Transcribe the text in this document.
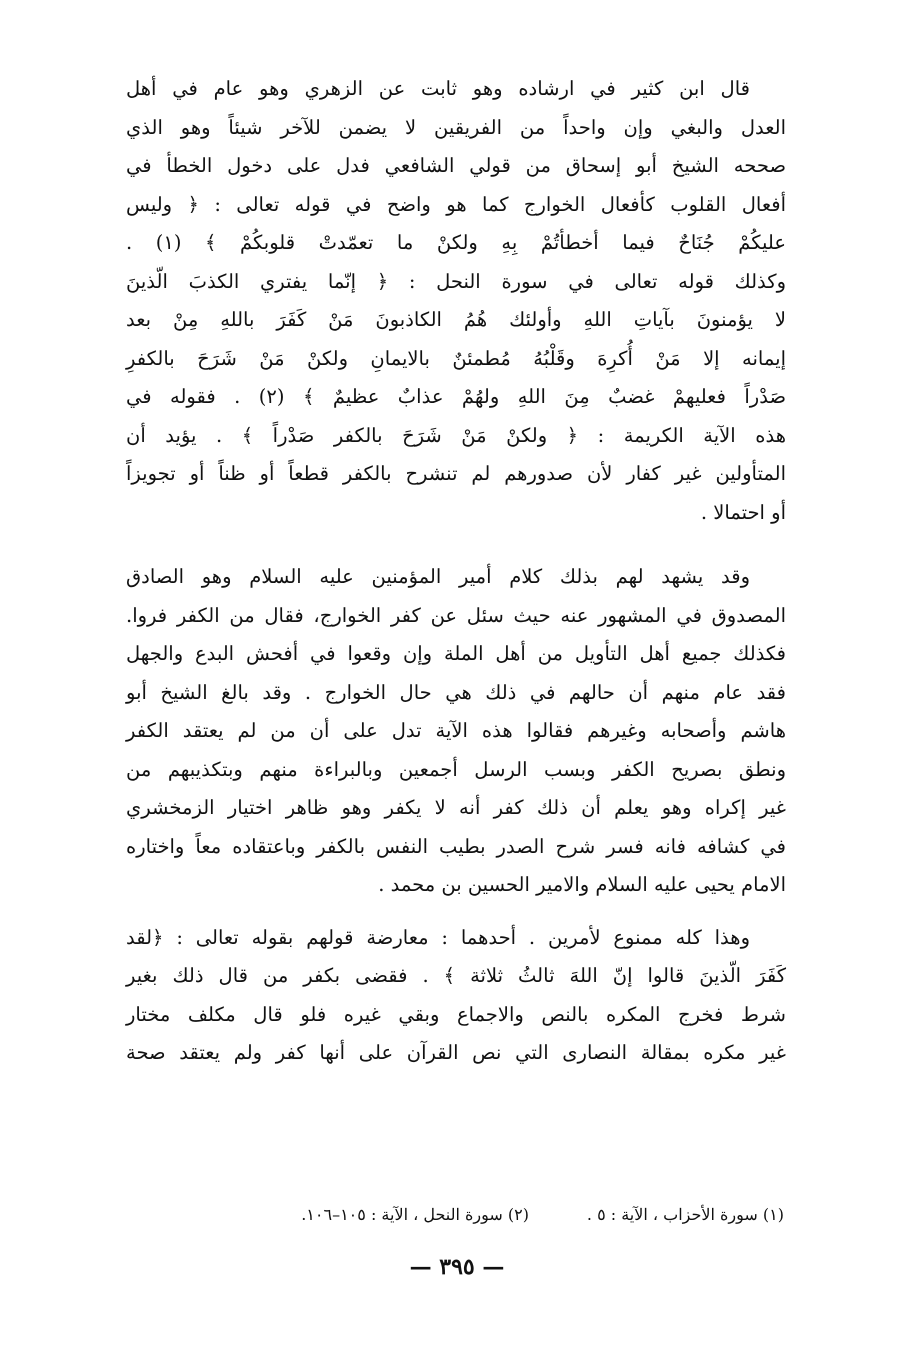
قال ابن كثير في ارشاده وهو ثابت عن الزهري وهو عام في أهل
العدل والبغي وإن واحداً من الفريقين لا يضمن للآخر شيئاً وهو الذي
صححه الشيخ أبو إسحاق من قولي الشافعي فدل على دخول الخطأ في
أفعال القلوب كأفعال الخوارج كما هو واضح في قوله تعالى : ﴿ وليس
عليكُمْ جُنَاحٌ فيما أخطأتُمْ بِهِ ولكنْ ما تعمّدتْ قلوبكُمْ ﴾ (١) .
وكذلك قوله تعالى في سورة النحل : ﴿ إنّما يفتري الكذبَ الّذينَ
لا يؤمنونَ بآياتِ اللهِ وأولئك هُمُ الكاذبونَ مَنْ كَفَرَ باللهِ مِنْ بعد
إيمانه إلا مَنْ أُكرِهَ وقَلْبُهُ مُطمئنٌ بالايمانِ ولكنْ مَنْ شَرَحَ بالكفرِ
صَدْراً فعليهمْ غضبٌ مِنَ اللهِ ولهُمْ عذابٌ عظيمٌ ﴾ (٢) . فقوله في
هذه الآية الكريمة : ﴿ ولكنْ مَنْ شَرَحَ بالكفر صَدْراً ﴾ . يؤيد أن
المتأولين غير كفار لأن صدورهم لم تنشرح بالكفر قطعاً أو ظناً أو تجويزاً
أو احتمالا .
وقد يشهد لهم بذلك كلام أمير المؤمنين عليه السلام وهو الصادق
المصدوق في المشهور عنه حيث سئل عن كفر الخوارج، فقال من الكفر فروا.
فكذلك جميع أهل التأويل من أهل الملة وإن وقعوا في أفحش البدع والجهل
فقد عام منهم أن حالهم في ذلك هي حال الخوارج . وقد بالغ الشيخ أبو
هاشم وأصحابه وغيرهم فقالوا هذه الآية تدل على أن من لم يعتقد الكفر
ونطق بصريح الكفر وبسب الرسل أجمعين وبالبراءة منهم وبتكذيبهم من
غير إكراه وهو يعلم أن ذلك كفر أنه لا يكفر وهو ظاهر اختيار الزمخشري
في كشافه فانه فسر شرح الصدر بطيب النفس بالكفر وباعتقاده معاً واختاره
الامام يحيى عليه السلام والامير الحسين بن محمد .
وهذا كله ممنوع لأمرين . أحدهما : معارضة قولهم بقوله تعالى : ﴿لقد
كَفَرَ الّذينَ قالوا إنّ اللهَ ثالثُ ثلاثة ﴾ . فقضى بكفر من قال ذلك بغير
شرط فخرج المكره بالنص والاجماع وبقي غيره فلو قال مكلف مختار
غير مكره بمقالة النصارى التي نص القرآن على أنها كفر ولم يعتقد صحة
(١) سورة الأحزاب ، الآية : ٥ .
(٢) سورة النحل ، الآية : ١٠٥–١٠٦.
— ٣٩٥ —
